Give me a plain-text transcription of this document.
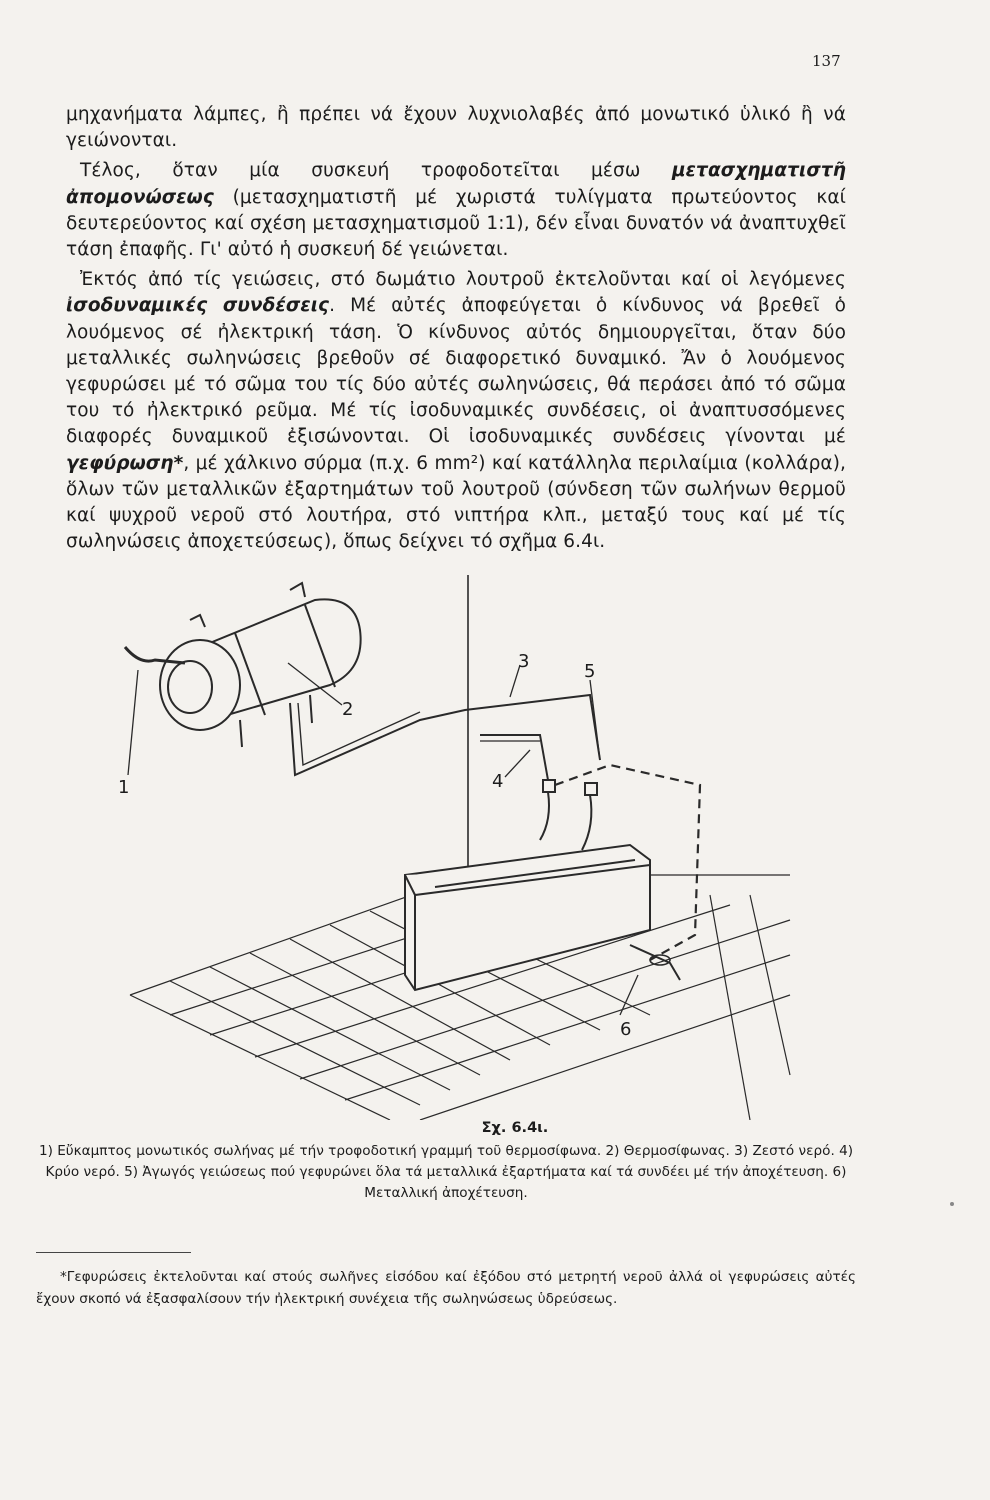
137

μηχανήματα λάμπες, ἢ πρέπει νά ἔχουν λυχνιολαβές ἀπό μονωτικό ὑλικό ἢ νά γειώνονται.

Τέλος, ὅταν μία συσκευή τροφοδοτεῖται μέσω μετασχηματιστῆ ἀπομονώσεως (μετασχηματιστῆ μέ χωριστά τυλίγματα πρωτεύοντος καί δευτερεύοντος καί σχέση μετασχηματισμοῦ 1:1), δέν εἶναι δυνατόν νά ἀναπτυχθεῖ τάση ἐπαφῆς. Γι' αὐτό ἡ συσκευή δέ γειώνεται.

Ἐκτός ἀπό τίς γειώσεις, στό δωμάτιο λουτροῦ ἐκτελοῦνται καί οἱ λεγόμενες ἰσοδυναμικές συνδέσεις. Μέ αὐτές ἀποφεύγεται ὁ κίνδυνος νά βρεθεῖ ὁ λουόμενος σέ ἠλεκτρική τάση. Ὁ κίνδυνος αὐτός δημιουργεῖται, ὅταν δύο μεταλλικές σωληνώσεις βρεθοῦν σέ διαφορετικό δυναμικό. Ἄν ὁ λουόμενος γεφυρώσει μέ τό σῶμα του τίς δύο αὐτές σωληνώσεις, θά περάσει ἀπό τό σῶμα του τό ἠλεκτρικό ρεῦμα. Μέ τίς ἰσοδυναμικές συνδέσεις, οἱ ἀναπτυσσόμενες διαφορές δυναμικοῦ ἐξισώνονται. Οἱ ἰσοδυναμικές συνδέσεις γίνονται μέ γεφύρωση*, μέ χάλκινο σύρμα (π.χ. 6 mm²) καί κατάλληλα περιλαίμια (κολλάρα), ὅλων τῶν μεταλλικῶν ἐξαρτημάτων τοῦ λουτροῦ (σύνδεση τῶν σωλήνων θερμοῦ καί ψυχροῦ νεροῦ στό λουτήρα, στό νιπτήρα κλπ., μεταξύ τους καί μέ τίς σωληνώσεις ἀποχετεύσεως), ὅπως δείχνει τό σχῆμα 6.4ι.

1
2
3
4
5
6
Σχ. 6.4ι.
1) Εὔκαμπτος μονωτικός σωλήνας μέ τήν τροφοδοτική γραμμή τοῦ θερμοσίφωνα. 2) Θερμοσίφωνας. 3) Ζεστό νερό. 4) Κρύο νερό. 5) Ἀγωγός γειώσεως πού γεφυρώνει ὅλα τά μεταλλικά ἐξαρτήματα καί τά συνδέει μέ τήν ἀποχέτευση. 6) Μεταλλική ἀποχέτευση.
*Γεφυρώσεις ἐκτελοῦνται καί στούς σωλῆνες εἰσόδου καί ἐξόδου στό μετρητή νεροῦ ἀλλά οἱ γεφυρώσεις αὐτές ἔχουν σκοπό νά ἐξασφαλίσουν τήν ἠλεκτρική συνέχεια τῆς σωληνώσεως ὑδρεύσεως.
